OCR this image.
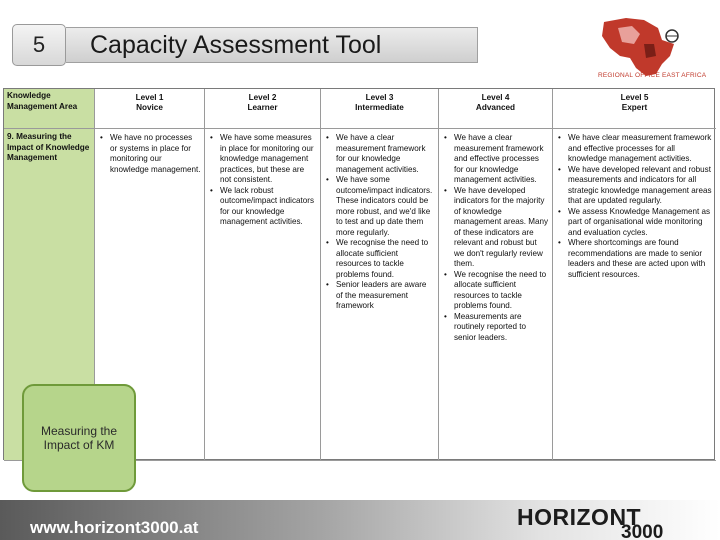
5	Capacity Assessment Tool
REGIONAL OFFICE EAST AFRICA
Knowledge Management Area
Level 1
Novice
Level 2
Learner
Level 3
Intermediate
Level 4
Advanced
Level 5
Expert
9. Measuring the Impact of Knowledge Management
• We have no processes or systems in place for monitoring our knowledge management.
• We have some measures in place for monitoring our knowledge management practices, but these are not consistent.
• We lack robust outcome/impact indicators for our knowledge management activities.
• We have a clear measurement framework for our knowledge management activities.
• We have some outcome/impact indicators. These indicators could be more robust, and we'd like to test and up date them more regularly.
• We recognise the need to allocate sufficient resources to tackle problems found.
• Senior leaders are aware of the measurement framework
• We have a clear measurement framework and effective processes for our knowledge management activities.
• We have developed indicators for the majority of knowledge management areas. Many of these indicators are relevant and robust but we don't regularly review them.
• We recognise the need to allocate sufficient resources to tackle problems found.
• Measurements are routinely reported to senior leaders.
• We have clear measurement framework and effective processes for all knowledge management activities.
• We have developed relevant and robust measurements and indicators for all strategic knowledge management areas that are updated regularly.
• We assess Knowledge Management as part of organisational wide monitoring and evaluation cycles.
• Where shortcomings are found recommendations are made to senior leaders and these are acted upon with sufficient resources.
Measuring the Impact of KM
www.horizont3000.at	HORIZONT
3000
